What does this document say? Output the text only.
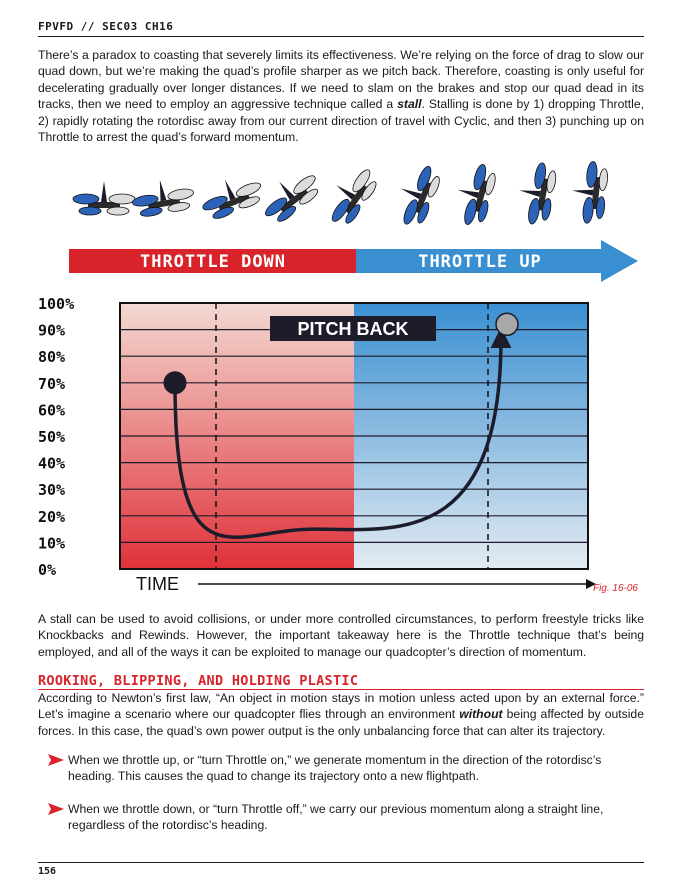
FPVFD // SEC03 CH16

There’s a paradox to coasting that severely limits its effectiveness. We’re relying on the force of drag to slow our quad down, but we’re making the quad’s profile sharper as we pitch back. Therefore, coasting is only useful for decelerating gradually over longer distances. If we need to slam on the brakes and stop our quad dead in its tracks, then we need to employ an aggressive technique called a stall. Stalling is done by 1) dropping Throttle, 2) rapidly rotating the rotordisc away from our current direction of travel with Cyclic, and then 3) punching up on Throttle to arrest the quad’s forward momentum.

THROTTLE DOWN	THROTTLE UP
0%
10%
20%
30%
40%
50%
60%
70%
80%
90%
100%
PITCH BACK
TIME	Fig. 16-06

A stall can be used to avoid collisions, or under more controlled circumstances, to perform freestyle tricks like Knockbacks and Rewinds. However, the important takeaway here is the Throttle technique that’s being employed, and all of the ways it can be exploited to manage our quadcopter’s direction of momentum.

ROOKING, BLIPPING, AND HOLDING PLASTIC

According to Newton’s first law, “An object in motion stays in motion unless acted upon by an external force.” Let’s imagine a scenario where our quadcopter flies through an environment without being affected by outside forces. In this case, the quad’s own power output is the only unbalancing force that can alter its trajectory.

When we throttle up, or “turn Throttle on,” we generate momentum in the direction of the rotordisc’s heading. This causes the quad to change its trajectory onto a new flightpath.
When we throttle down, or “turn Throttle off,” we carry our previous momentum along a straight line, regardless of the rotordisc’s heading.
156
